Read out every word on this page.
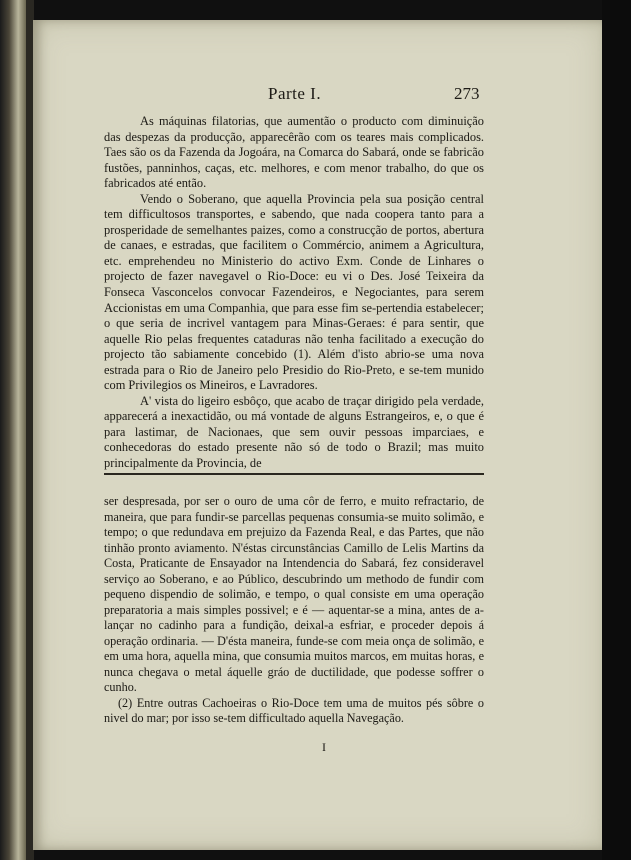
Parte I.	273

As máquinas filatorias, que aumentão o producto com diminuição das despezas da producção, apparecêrão com os teares mais complicados. Taes são os da Fazenda da Jogoára, na Comarca do Sabará, onde se fabricão fustões, panninhos, caças, etc. melhores, e com menor trabalho, do que os fabricados até então.

Vendo o Soberano, que aquella Provincia pela sua posição central tem difficultosos transportes, e sabendo, que nada coopera tanto para a prosperidade de semelhantes paizes, como a construcção de portos, abertura de canaes, e estradas, que facilitem o Commércio, animem a Agricultura, etc. emprehendeu no Ministerio do activo Exm. Conde de Linhares o projecto de fazer navegavel o Rio-Doce: eu vi o Des. José Teixeira da Fonseca Vasconcelos convocar Fazendeiros, e Negociantes, para serem Accionistas em uma Companhia, que para esse fim se-pertendia estabelecer; o que seria de incrivel vantagem para Minas-Geraes: é para sentir, que aquelle Rio pelas frequentes cataduras não tenha facilitado a execução do projecto tão sabiamente concebido (1). Além d'isto abrio-se uma nova estrada para o Rio de Janeiro pelo Presidio do Rio-Preto, e se-tem munido com Privilegios os Mineiros, e Lavradores.

A' vista do ligeiro esbôço, que acabo de traçar dirigido pela verdade, apparecerá a inexactidão, ou má vontade de alguns Estrangeiros, e, o que é para lastimar, de Nacionaes, que sem ouvir pessoas imparciaes, e conhecedoras do estado presente não só de todo o Brazil; mas muito principalmente da Provincia, de

ser despresada, por ser o ouro de uma côr de ferro, e muito refractario, de maneira, que para fundir-se parcellas pequenas consumia-se muito solimão, e tempo; o que redundava em prejuizo da Fazenda Real, e das Partes, que não tinhão pronto aviamento. N'éstas circunstâncias Camillo de Lelis Martins da Costa, Praticante de Ensayador na Intendencia do Sabará, fez consideravel serviço ao Soberano, e ao Público, descubrindo um methodo de fundir com pequeno dispendio de solimão, e tempo, o qual consiste em uma operação preparatoria a mais simples possivel; e é — aquentar-se a mina, antes de a-lançar no cadinho para a fundição, deixal-a esfriar, e proceder depois á operação ordinaria. — D'ésta maneira, funde-se com meia onça de solimão, e em uma hora, aquella mina, que consumia muitos marcos, em muitas horas, e nunca chegava o metal áquelle gráo de ductilidade, que podesse soffrer o cunho.

(2) Entre outras Cachoeiras o Rio-Doce tem uma de muitos pés sôbre o nivel do mar; por isso se-tem difficultado aquella Navegação.

I
